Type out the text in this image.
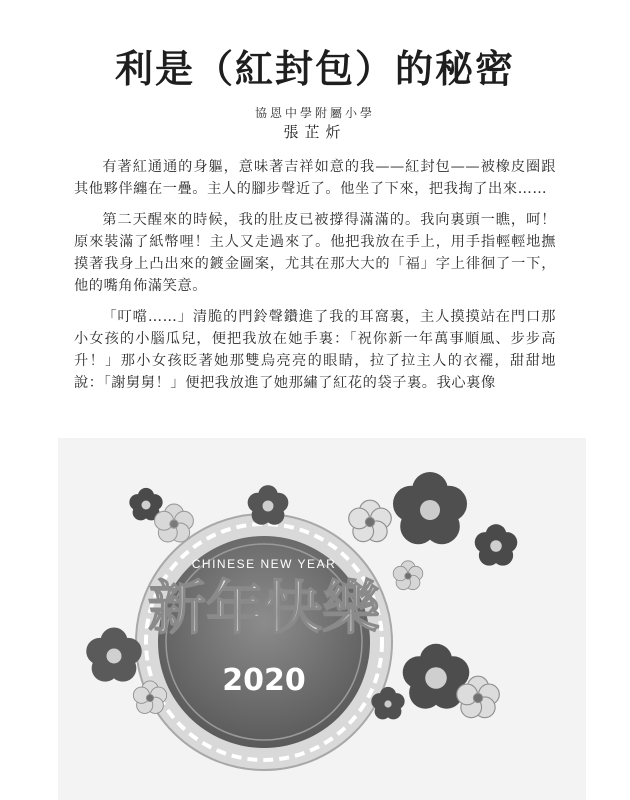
利是（紅封包）的秘密
協恩中學附屬小學
張芷炘

有著紅通通的身軀，意味著吉祥如意的我——紅封包——被橡皮圈跟其他夥伴纏在一疊。主人的腳步聲近了。他坐了下來，把我掏了出來……

第二天醒來的時候，我的肚皮已被撐得滿滿的。我向裏頭一瞧，呵！原來裝滿了紙幣哩！主人又走過來了。他把我放在手上，用手指輕輕地撫摸著我身上凸出來的鍍金圖案，尤其在那大大的「福」字上徘徊了一下，他的嘴角佈滿笑意。

「叮噹……」清脆的門鈴聲鑽進了我的耳窩裏，主人摸摸站在門口那小女孩的小腦瓜兒，便把我放在她手裏：「祝你新一年萬事順風、步步高升！」那小女孩眨著她那雙烏亮亮的眼睛，拉了拉主人的衣襬，甜甜地說：「謝舅舅！」便把我放進了她那繡了紅花的袋子裏。我心裏像

CHINESE NEW YEAR
新年快樂
2020
